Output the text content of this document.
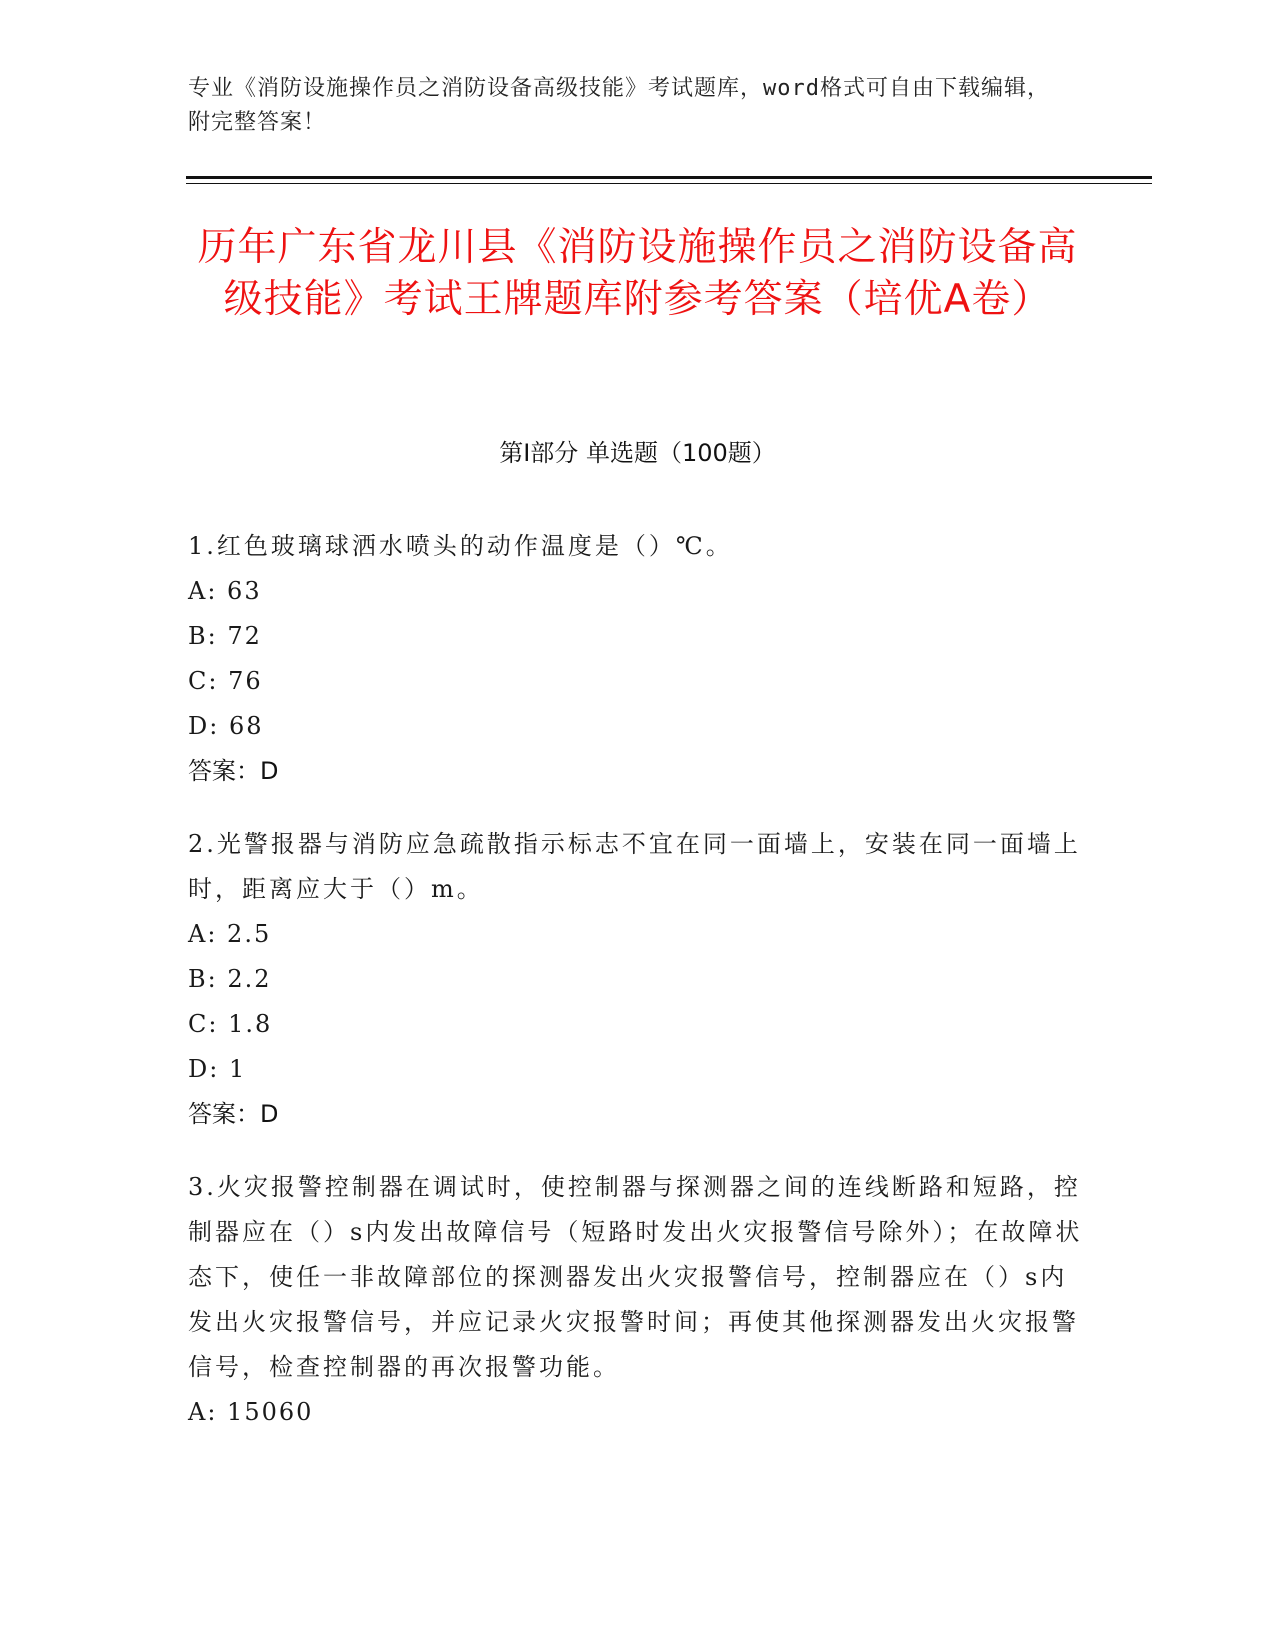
专业《消防设施操作员之消防设备高级技能》考试题库，word格式可自由下载编辑，附完整答案！
历年广东省龙川县《消防设施操作员之消防设备高级技能》考试王牌题库附参考答案（培优A卷）
第Ⅰ部分 单选题（100题）

1.红色玻璃球洒水喷头的动作温度是（）℃。

A: 63
B: 72
C: 76
D: 68
答案：D

2.光警报器与消防应急疏散指示标志不宜在同一面墙上，安装在同一面墙上时，距离应大于（）m。

A: 2.5
B: 2.2
C: 1.8
D: 1
答案：D

3.火灾报警控制器在调试时，使控制器与探测器之间的连线断路和短路，控制器应在（）s内发出故障信号（短路时发出火灾报警信号除外）；在故障状态下，使任一非故障部位的探测器发出火灾报警信号，控制器应在（）s内发出火灾报警信号，并应记录火灾报警时间；再使其他探测器发出火灾报警信号，检查控制器的再次报警功能。

A: 15060
